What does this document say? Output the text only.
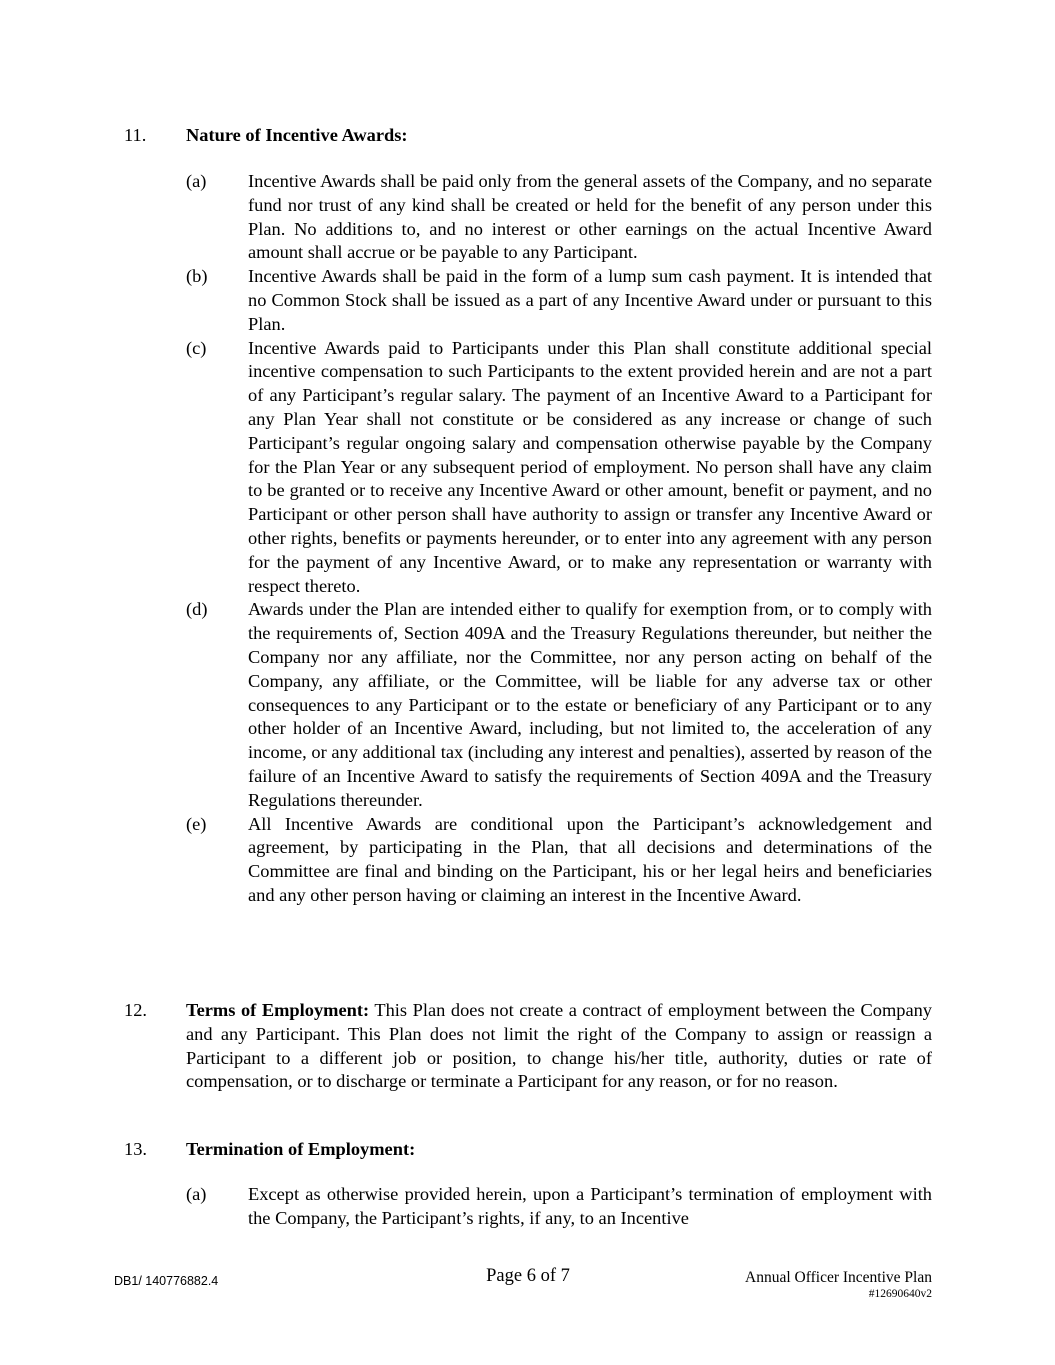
11. Nature of Incentive Awards:
(a) Incentive Awards shall be paid only from the general assets of the Company, and no separate fund nor trust of any kind shall be created or held for the benefit of any person under this Plan. No additions to, and no interest or other earnings on the actual Incentive Award amount shall accrue or be payable to any Participant.
(b) Incentive Awards shall be paid in the form of a lump sum cash payment. It is intended that no Common Stock shall be issued as a part of any Incentive Award under or pursuant to this Plan.
(c) Incentive Awards paid to Participants under this Plan shall constitute additional special incentive compensation to such Participants to the extent provided herein and are not a part of any Participant’s regular salary. The payment of an Incentive Award to a Participant for any Plan Year shall not constitute or be considered as any increase or change of such Participant’s regular ongoing salary and compensation otherwise payable by the Company for the Plan Year or any subsequent period of employment. No person shall have any claim to be granted or to receive any Incentive Award or other amount, benefit or payment, and no Participant or other person shall have authority to assign or transfer any Incentive Award or other rights, benefits or payments hereunder, or to enter into any agreement with any person for the payment of any Incentive Award, or to make any representation or warranty with respect thereto.
(d) Awards under the Plan are intended either to qualify for exemption from, or to comply with the requirements of, Section 409A and the Treasury Regulations thereunder, but neither the Company nor any affiliate, nor the Committee, nor any person acting on behalf of the Company, any affiliate, or the Committee, will be liable for any adverse tax or other consequences to any Participant or to the estate or beneficiary of any Participant or to any other holder of an Incentive Award, including, but not limited to, the acceleration of any income, or any additional tax (including any interest and penalties), asserted by reason of the failure of an Incentive Award to satisfy the requirements of Section 409A and the Treasury Regulations thereunder.
(e) All Incentive Awards are conditional upon the Participant’s acknowledgement and agreement, by participating in the Plan, that all decisions and determinations of the Committee are final and binding on the Participant, his or her legal heirs and beneficiaries and any other person having or claiming an interest in the Incentive Award.
12. Terms of Employment: This Plan does not create a contract of employment between the Company and any Participant. This Plan does not limit the right of the Company to assign or reassign a Participant to a different job or position, to change his/her title, authority, duties or rate of compensation, or to discharge or terminate a Participant for any reason, or for no reason.
13. Termination of Employment:
(a) Except as otherwise provided herein, upon a Participant’s termination of employment with the Company, the Participant’s rights, if any, to an Incentive
DB1/ 140776882.4	Page 6 of 7	Annual Officer Incentive Plan
#12690640v2
